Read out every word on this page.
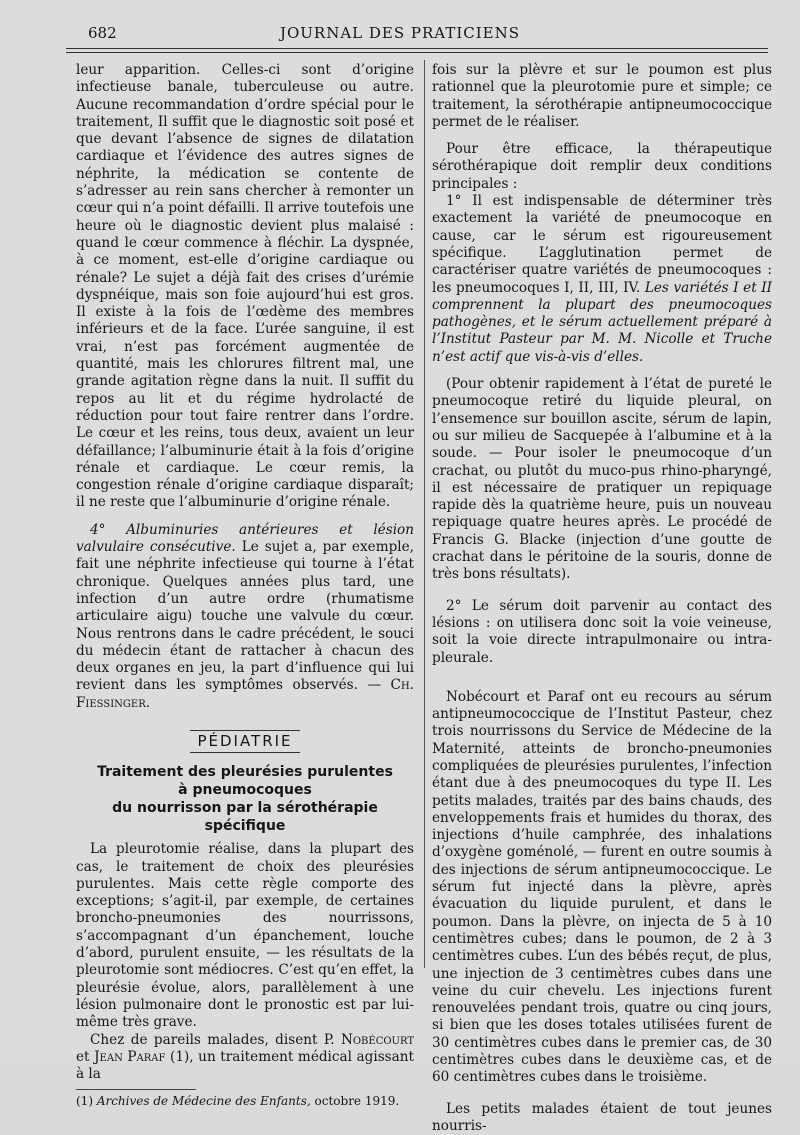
682	JOURNAL DES PRATICIENS

leur apparition. Celles-ci sont d’origine infectieuse banale, tuberculeuse ou autre. Aucune recommandation d’ordre spécial pour le traitement, Il suffit que le diagnostic soit posé et que devant l’absence de signes de dilatation cardiaque et l’évidence des autres signes de néphrite, la médication se contente de s’adresser au rein sans chercher à remonter un cœur qui n’a point défailli. Il arrive toutefois une heure où le diagnostic devient plus malaisé : quand le cœur commence à fléchir. La dyspnée, à ce moment, est-elle d’origine cardiaque ou rénale? Le sujet a déjà fait des crises d’urémie dyspnéique, mais son foie aujourd’hui est gros. Il existe à la fois de l’œdème des membres inférieurs et de la face. L’urée sanguine, il est vrai, n’est pas forcément augmentée de quantité, mais les chlorures filtrent mal, une grande agitation règne dans la nuit. Il suffit du repos au lit et du régime hydrolacté de réduction pour tout faire rentrer dans l’ordre. Le cœur et les reins, tous deux, avaient un leur défaillance; l’albuminurie était à la fois d’origine rénale et cardiaque. Le cœur remis, la congestion rénale d’origine cardiaque disparaît; il ne reste que l’albuminurie d’origine rénale.

4° Albuminuries antérieures et lésion valvulaire consécutive. Le sujet a, par exemple, fait une néphrite infectieuse qui tourne à l’état chronique. Quelques années plus tard, une infection d’un autre ordre (rhumatisme articulaire aigu) touche une valvule du cœur. Nous rentrons dans le cadre précédent, le souci du médecin étant de rattacher à chacun des deux organes en jeu, la part d’influence qui lui revient dans les symptômes observés. — Ch. Fiessinger.

PÉDIATRIE
Traitement des pleurésies purulentes
à pneumocoques
du nourrisson par la sérothérapie spécifique

La pleurotomie réalise, dans la plupart des cas, le traitement de choix des pleurésies purulentes. Mais cette règle comporte des exceptions; s’agit-il, par exemple, de certaines broncho-pneumonies des nourrissons, s’accompagnant d’un épanchement, louche d’abord, purulent ensuite, — les résultats de la pleurotomie sont médiocres. C’est qu’en effet, la pleurésie évolue, alors, parallèlement à une lésion pulmonaire dont le pronostic est par lui-même très grave.

Chez de pareils malades, disent P. Nobécourt et Jean Paraf (1), un traitement médical agissant à la

(1) Archives de Médecine des Enfants, octobre 1919.

fois sur la plèvre et sur le poumon est plus rationnel que la pleurotomie pure et simple; ce traitement, la sérothérapie antipneumococcique permet de le réaliser.

Pour être efficace, la thérapeutique sérothérapique doit remplir deux conditions principales :

1° Il est indispensable de déterminer très exactement la variété de pneumocoque en cause, car le sérum est rigoureusement spécifique. L’agglutination permet de caractériser quatre variétés de pneumocoques : les pneumocoques I, II, III, IV. Les variétés I et II comprennent la plupart des pneumocoques pathogènes, et le sérum actuellement préparé à l’Institut Pasteur par M. M. Nicolle et Truche n’est actif que vis-à-vis d’elles.

(Pour obtenir rapidement à l’état de pureté le pneumocoque retiré du liquide pleural, on l’ensemence sur bouillon ascite, sérum de lapin, ou sur milieu de Sacquepée à l’albumine et à la soude. — Pour isoler le pneumocoque d’un crachat, ou plutôt du muco-pus rhino-pharyngé, il est nécessaire de pratiquer un repiquage rapide dès la quatrième heure, puis un nouveau repiquage quatre heures après. Le procédé de Francis G. Blacke (injection d’une goutte de crachat dans le péritoine de la souris, donne de très bons résultats).

2° Le sérum doit parvenir au contact des lésions : on utilisera donc soit la voie veineuse, soit la voie directe intrapulmonaire ou intra-pleurale.

Nobécourt et Paraf ont eu recours au sérum antipneumococcique de l’Institut Pasteur, chez trois nourrissons du Service de Médecine de la Maternité, atteints de broncho-pneumonies compliquées de pleurésies purulentes, l’infection étant due à des pneumocoques du type II. Les petits malades, traités par des bains chauds, des enveloppements frais et humides du thorax, des injections d’huile camphrée, des inhalations d’oxygène goménolé, — furent en outre soumis à des injections de sérum antipneumococcique. Le sérum fut injecté dans la plèvre, après évacuation du liquide purulent, et dans le poumon. Dans la plèvre, on injecta de 5 à 10 centimètres cubes; dans le poumon, de 2 à 3 centimètres cubes. L’un des bébés reçut, de plus, une injection de 3 centimètres cubes dans une veine du cuir chevelu. Les injections furent renouvelées pendant trois, quatre ou cinq jours, si bien que les doses totales utilisées furent de 30 centimètres cubes dans le premier cas, de 30 centimètres cubes dans le deuxième cas, et de 60 centimètres cubes dans le troisième.

Les petits malades étaient de tout jeunes nourris-
